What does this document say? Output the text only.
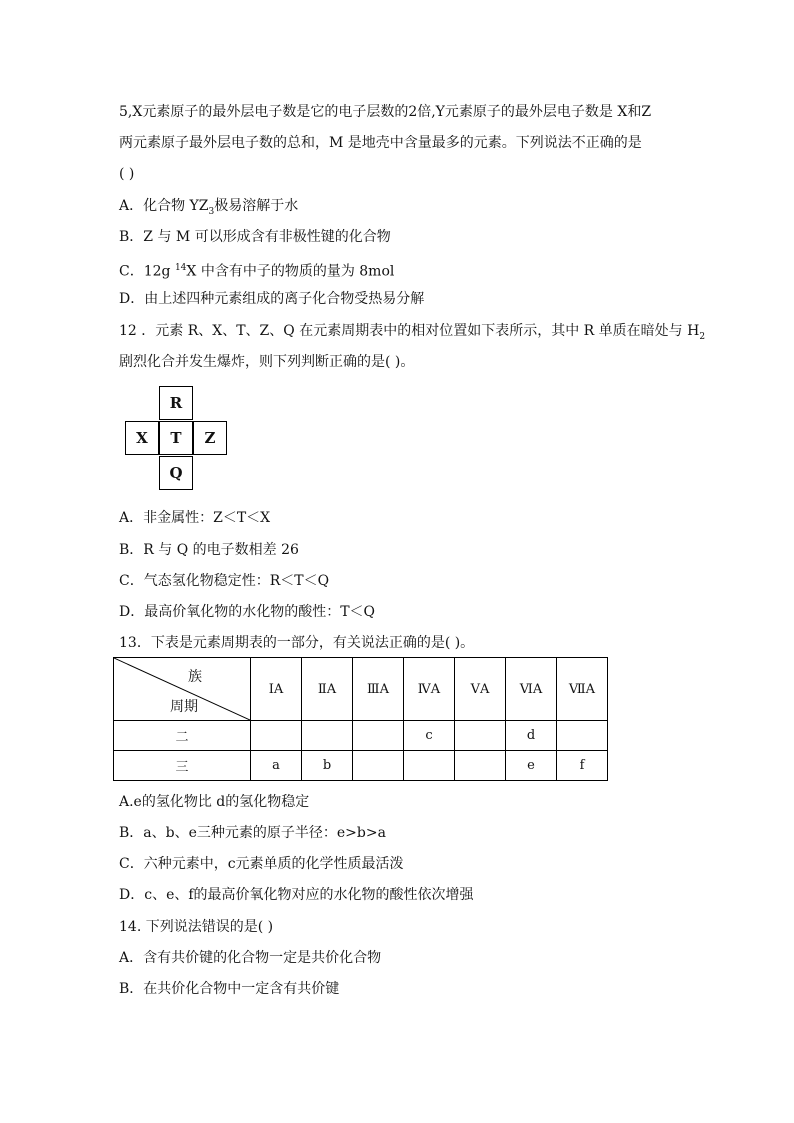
5,X元素原子的最外层电子数是它的电子层数的2倍,Y元素原子的最外层电子数是 X和Z
两元素原子最外层电子数的总和，M 是地壳中含量最多的元素。下列说法不正确的是
( )
A．化合物 $YZ_3$极易溶解于水
B．Z 与 M 可以形成含有非极性键的化合物
C．12g $^{14}$X 中含有中子的物质的量为 8mol
D．由上述四种元素组成的离子化合物受热易分解
12 ．元素 R、X、T、Z、Q 在元素周期表中的相对位置如下表所示，其中 R 单质在暗处与 $H_2$
剧烈化合并发生爆炸，则下列判断正确的是( )。
R
X	T	Z
Q
A．非金属性：Z＜T＜X
B．R 与 Q 的电子数相差 26
C．气态氢化物稳定性：R＜T＜Q
D．最高价氧化物的水化物的酸性：T＜Q
13．下表是元素周期表的一部分，有关说法正确的是( )。
族
周期	ⅠA	ⅡA	ⅢA	ⅣA	ⅤA	ⅥA	ⅦA
二				c		d	
三	a	b				e	f
A.e的氢化物比 d的氢化物稳定
B．a、b、e三种元素的原子半径：e>b>a
C．六种元素中，c元素单质的化学性质最活泼
D．c、e、f的最高价氧化物对应的水化物的酸性依次增强
14. 下列说法错误的是( )
A．含有共价键的化合物一定是共价化合物
B．在共价化合物中一定含有共价键
